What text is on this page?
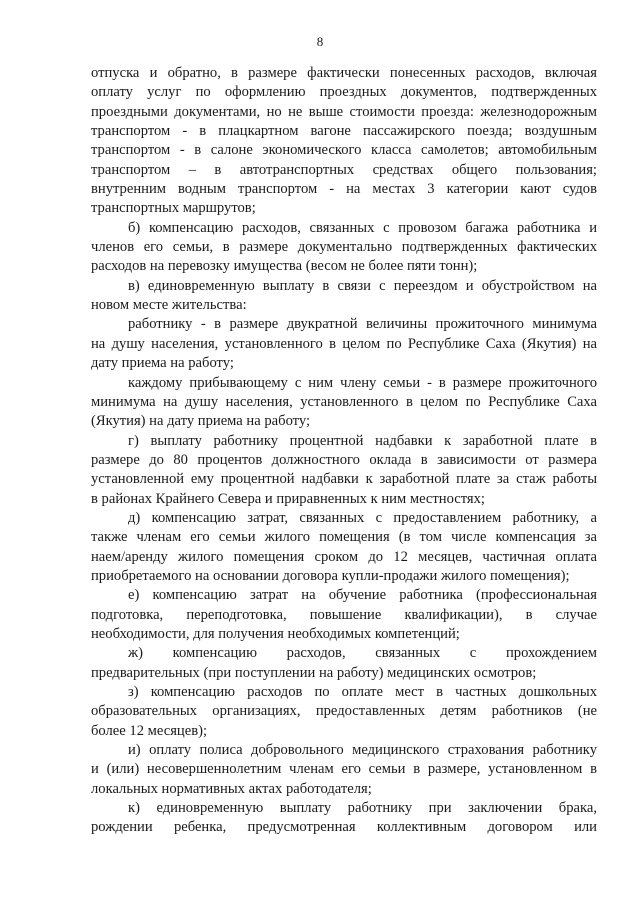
8
отпуска и обратно, в размере фактически понесенных расходов, включая
оплату услуг по оформлению проездных документов, подтвержденных
проездными документами, но не выше стоимости проезда: железнодорожным
транспортом - в плацкартном вагоне пассажирского поезда; воздушным
транспортом - в салоне экономического класса самолетов; автомобильным
транспортом – в автотранспортных средствах общего пользования;
внутренним водным транспортом - на местах 3 категории кают судов
транспортных маршрутов;
б) компенсацию расходов, связанных с провозом багажа работника и
членов его семьи, в размере документально подтвержденных фактических
расходов на перевозку имущества (весом не более пяти тонн);
в) единовременную выплату в связи с переездом и обустройством на
новом месте жительства:
работнику - в размере двукратной величины прожиточного минимума
на душу населения, установленного в целом по Республике Саха (Якутия) на
дату приема на работу;
каждому прибывающему с ним члену семьи - в размере прожиточного
минимума на душу населения, установленного в целом по Республике Саха
(Якутия) на дату приема на работу;
г) выплату работнику процентной надбавки к заработной плате в
размере до 80 процентов должностного оклада в зависимости от размера
установленной ему процентной надбавки к заработной плате за стаж работы
в районах Крайнего Севера и приравненных к ним местностях;
д) компенсацию затрат, связанных с предоставлением работнику, а
также членам его семьи жилого помещения (в том числе компенсация за
наем/аренду жилого помещения сроком до 12 месяцев, частичная оплата
приобретаемого на основании договора купли-продажи жилого помещения);
е) компенсацию затрат на обучение работника (профессиональная
подготовка, переподготовка, повышение квалификации), в случае
необходимости, для получения необходимых компетенций;
ж) компенсацию расходов, связанных с прохождением
предварительных (при поступлении на работу) медицинских осмотров;
з) компенсацию расходов по оплате мест в частных дошкольных
образовательных организациях, предоставленных детям работников (не
более 12 месяцев);
и) оплату полиса добровольного медицинского страхования работнику
и (или) несовершеннолетним членам его семьи в размере, установленном в
локальных нормативных актах работодателя;
к) единовременную выплату работнику при заключении брака,
рождении ребенка, предусмотренная коллективным договором или
